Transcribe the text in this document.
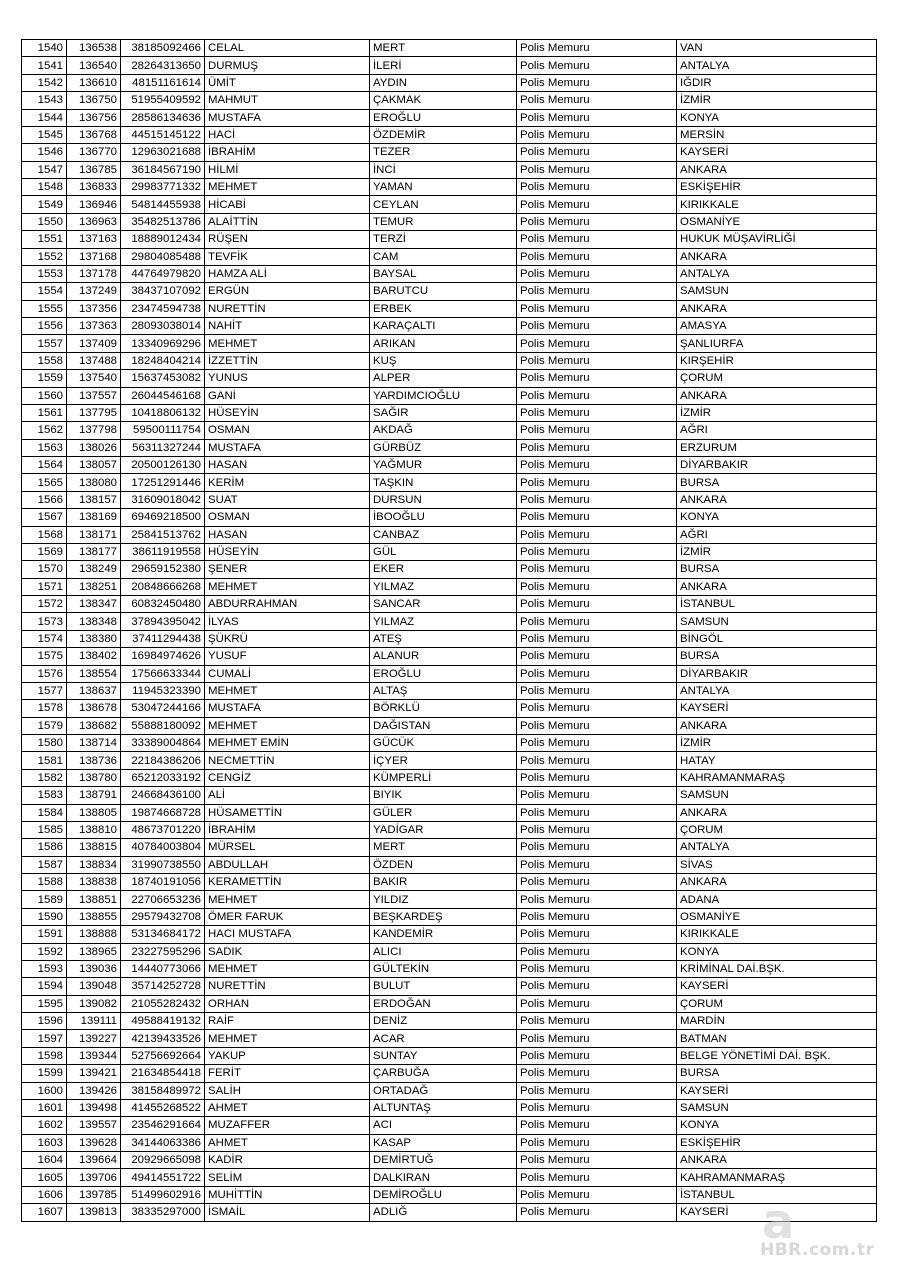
1540	136538	38185092466	CELAL	MERT	Polis Memuru	VAN
1541	136540	28264313650	DURMUŞ	İLERİ	Polis Memuru	ANTALYA
1542	136610	48151161614	ÜMİT	AYDIN	Polis Memuru	IĞDIR
1543	136750	51955409592	MAHMUT	ÇAKMAK	Polis Memuru	İZMİR
1544	136756	28586134636	MUSTAFA	EROĞLU	Polis Memuru	KONYA
1545	136768	44515145122	HACİ	ÖZDEMİR	Polis Memuru	MERSİN
1546	136770	12963021688	İBRAHİM	TEZER	Polis Memuru	KAYSERİ
1547	136785	36184567190	HİLMİ	İNCİ	Polis Memuru	ANKARA
1548	136833	29983771332	MEHMET	YAMAN	Polis Memuru	ESKİŞEHİR
1549	136946	54814455938	HİCABİ	CEYLAN	Polis Memuru	KIRIKKALE
1550	136963	35482513786	ALAİTTİN	TEMUR	Polis Memuru	OSMANİYE
1551	137163	18889012434	RÜŞEN	TERZİ	Polis Memuru	HUKUK MÜŞAVİRLİĞİ
1552	137168	29804085488	TEVFİK	CAM	Polis Memuru	ANKARA
1553	137178	44764979820	HAMZA ALİ	BAYSAL	Polis Memuru	ANTALYA
1554	137249	38437107092	ERGÜN	BARUTCU	Polis Memuru	SAMSUN
1555	137356	23474594738	NURETTİN	ERBEK	Polis Memuru	ANKARA
1556	137363	28093038014	NAHİT	KARAÇALTI	Polis Memuru	AMASYA
1557	137409	13340969296	MEHMET	ARIKAN	Polis Memuru	ŞANLIURFA
1558	137488	18248404214	İZZETTİN	KUŞ	Polis Memuru	KIRŞEHİR
1559	137540	15637453082	YUNUS	ALPER	Polis Memuru	ÇORUM
1560	137557	26044546168	GANİ	YARDIMCIOĞLU	Polis Memuru	ANKARA
1561	137795	10418806132	HÜSEYİN	SAĞIR	Polis Memuru	İZMİR
1562	137798	59500111754	OSMAN	AKDAĞ	Polis Memuru	AĞRI
1563	138026	56311327244	MUSTAFA	GÜRBÜZ	Polis Memuru	ERZURUM
1564	138057	20500126130	HASAN	YAĞMUR	Polis Memuru	DİYARBAKIR
1565	138080	17251291446	KERİM	TAŞKIN	Polis Memuru	BURSA
1566	138157	31609018042	SUAT	DURSUN	Polis Memuru	ANKARA
1567	138169	69469218500	OSMAN	İBOOĞLU	Polis Memuru	KONYA
1568	138171	25841513762	HASAN	CANBAZ	Polis Memuru	AĞRI
1569	138177	38611919558	HÜSEYİN	GÜL	Polis Memuru	İZMİR
1570	138249	29659152380	ŞENER	EKER	Polis Memuru	BURSA
1571	138251	20848666268	MEHMET	YILMAZ	Polis Memuru	ANKARA
1572	138347	60832450480	ABDURRAHMAN	SANCAR	Polis Memuru	İSTANBUL
1573	138348	37894395042	İLYAS	YILMAZ	Polis Memuru	SAMSUN
1574	138380	37411294438	ŞÜKRÜ	ATEŞ	Polis Memuru	BİNGÖL
1575	138402	16984974626	YUSUF	ALANUR	Polis Memuru	BURSA
1576	138554	17566633344	CUMALİ	EROĞLU	Polis Memuru	DİYARBAKIR
1577	138637	11945323390	MEHMET	ALTAŞ	Polis Memuru	ANTALYA
1578	138678	53047244166	MUSTAFA	BÖRKLÜ	Polis Memuru	KAYSERİ
1579	138682	55888180092	MEHMET	DAĞISTAN	Polis Memuru	ANKARA
1580	138714	33389004864	MEHMET EMİN	GÜCÜK	Polis Memuru	İZMİR
1581	138736	22184386206	NECMETTİN	İÇYER	Polis Memuru	HATAY
1582	138780	65212033192	CENGİZ	KÜMPERLİ	Polis Memuru	KAHRAMANMARAŞ
1583	138791	24668436100	ALİ	BIYIK	Polis Memuru	SAMSUN
1584	138805	19874668728	HÜSAMETTİN	GÜLER	Polis Memuru	ANKARA
1585	138810	48673701220	İBRAHİM	YADİGAR	Polis Memuru	ÇORUM
1586	138815	40784003804	MÜRSEL	MERT	Polis Memuru	ANTALYA
1587	138834	31990738550	ABDULLAH	ÖZDEN	Polis Memuru	SİVAS
1588	138838	18740191056	KERAMETTİN	BAKIR	Polis Memuru	ANKARA
1589	138851	22706653236	MEHMET	YILDIZ	Polis Memuru	ADANA
1590	138855	29579432708	ÖMER FARUK	BEŞKARDEŞ	Polis Memuru	OSMANİYE
1591	138888	53134684172	HACI MUSTAFA	KANDEMİR	Polis Memuru	KIRIKKALE
1592	138965	23227595296	SADIK	ALICI	Polis Memuru	KONYA
1593	139036	14440773066	MEHMET	GÜLTEKİN	Polis Memuru	KRİMİNAL DAİ.BŞK.
1594	139048	35714252728	NURETTİN	BULUT	Polis Memuru	KAYSERİ
1595	139082	21055282432	ORHAN	ERDOĞAN	Polis Memuru	ÇORUM
1596	139111	49588419132	RAİF	DENİZ	Polis Memuru	MARDİN
1597	139227	42139433526	MEHMET	ACAR	Polis Memuru	BATMAN
1598	139344	52756692664	YAKUP	SUNTAY	Polis Memuru	BELGE YÖNETİMİ DAİ. BŞK.
1599	139421	21634854418	FERİT	ÇARBUĞA	Polis Memuru	BURSA
1600	139426	38158489972	SALİH	ORTADAĞ	Polis Memuru	KAYSERİ
1601	139498	41455268522	AHMET	ALTUNTAŞ	Polis Memuru	SAMSUN
1602	139557	23546291664	MUZAFFER	ACI	Polis Memuru	KONYA
1603	139628	34144063386	AHMET	KASAP	Polis Memuru	ESKİŞEHİR
1604	139664	20929665098	KADİR	DEMİRTUĞ	Polis Memuru	ANKARA
1605	139706	49414551722	SELİM	DALKIRAN	Polis Memuru	KAHRAMANMARAŞ
1606	139785	51499602916	MUHİTTİN	DEMİROĞLU	Polis Memuru	İSTANBUL
1607	139813	38335297000	İSMAİL	ADLIĞ	Polis Memuru	KAYSERİ a
HBR.com.tr
